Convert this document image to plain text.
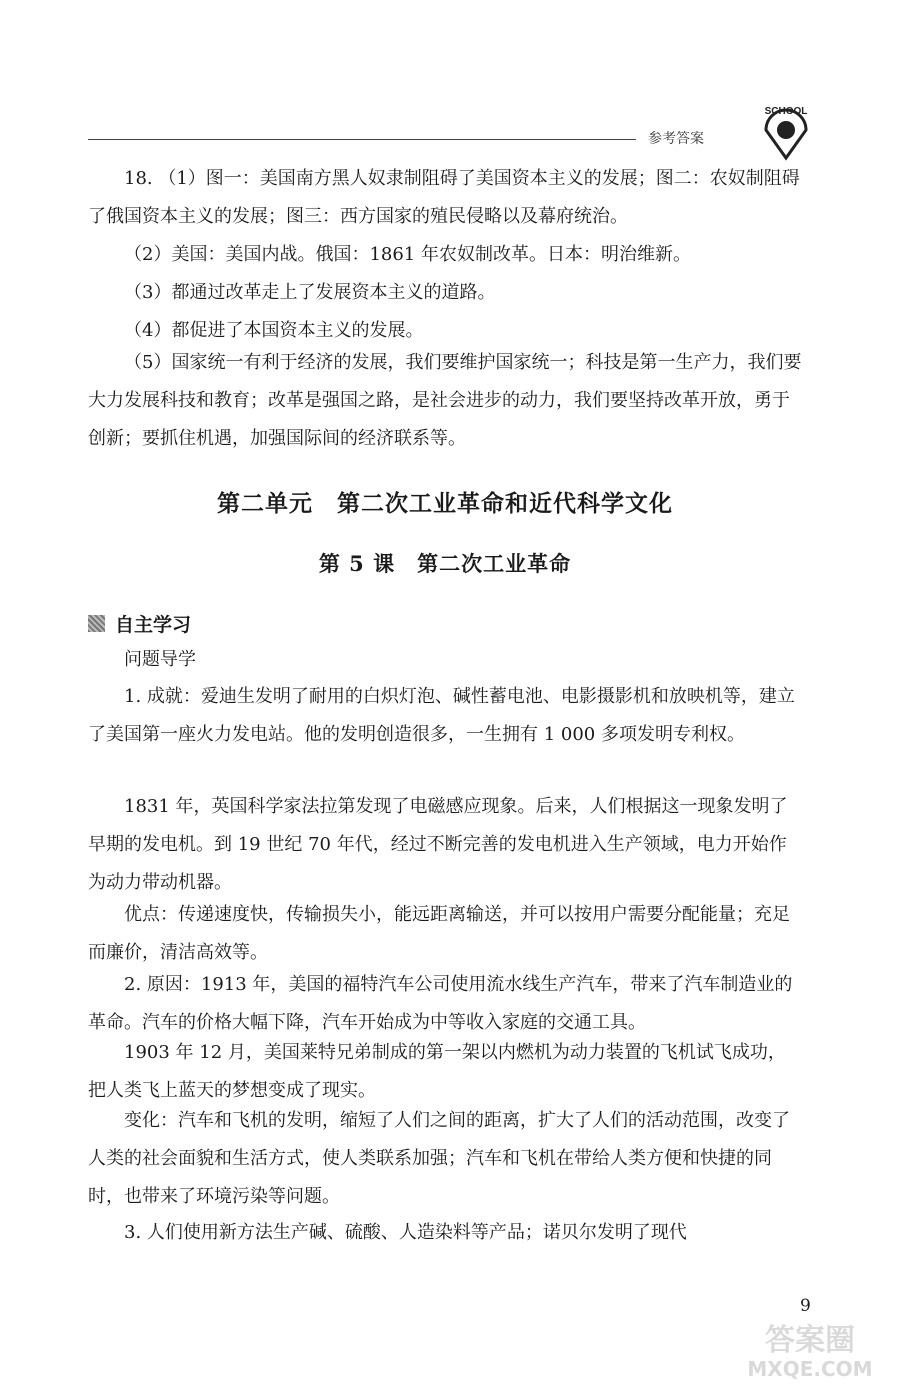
参考答案
SCHOOL

18. （1）图一：美国南方黑人奴隶制阻碍了美国资本主义的发展；图二：农奴制阻碍了俄国资本主义的发展；图三：西方国家的殖民侵略以及幕府统治。

（2）美国：美国内战。俄国：1861 年农奴制改革。日本：明治维新。

（3）都通过改革走上了发展资本主义的道路。

（4）都促进了本国资本主义的发展。

（5）国家统一有利于经济的发展，我们要维护国家统一；科技是第一生产力，我们要大力发展科技和教育；改革是强国之路，是社会进步的动力，我们要坚持改革开放，勇于创新；要抓住机遇，加强国际间的经济联系等。

第二单元　第二次工业革命和近代科学文化
第 5 课　第二次工业革命
自主学习

问题导学

1. 成就：爱迪生发明了耐用的白炽灯泡、碱性蓄电池、电影摄影机和放映机等，建立了美国第一座火力发电站。他的发明创造很多，一生拥有 1 000 多项发明专利权。

1831 年，英国科学家法拉第发现了电磁感应现象。后来，人们根据这一现象发明了早期的发电机。到 19 世纪 70 年代，经过不断完善的发电机进入生产领域，电力开始作为动力带动机器。

优点：传递速度快，传输损失小，能远距离输送，并可以按用户需要分配能量；充足而廉价，清洁高效等。

2. 原因：1913 年，美国的福特汽车公司使用流水线生产汽车，带来了汽车制造业的革命。汽车的价格大幅下降，汽车开始成为中等收入家庭的交通工具。

1903 年 12 月，美国莱特兄弟制成的第一架以内燃机为动力装置的飞机试飞成功，把人类飞上蓝天的梦想变成了现实。

变化：汽车和飞机的发明，缩短了人们之间的距离，扩大了人们的活动范围，改变了人类的社会面貌和生活方式，使人类联系加强；汽车和飞机在带给人类方便和快捷的同时，也带来了环境污染等问题。

3. 人们使用新方法生产碱、硫酸、人造染料等产品；诺贝尔发明了现代

9
答案圈
MXQE.COM
